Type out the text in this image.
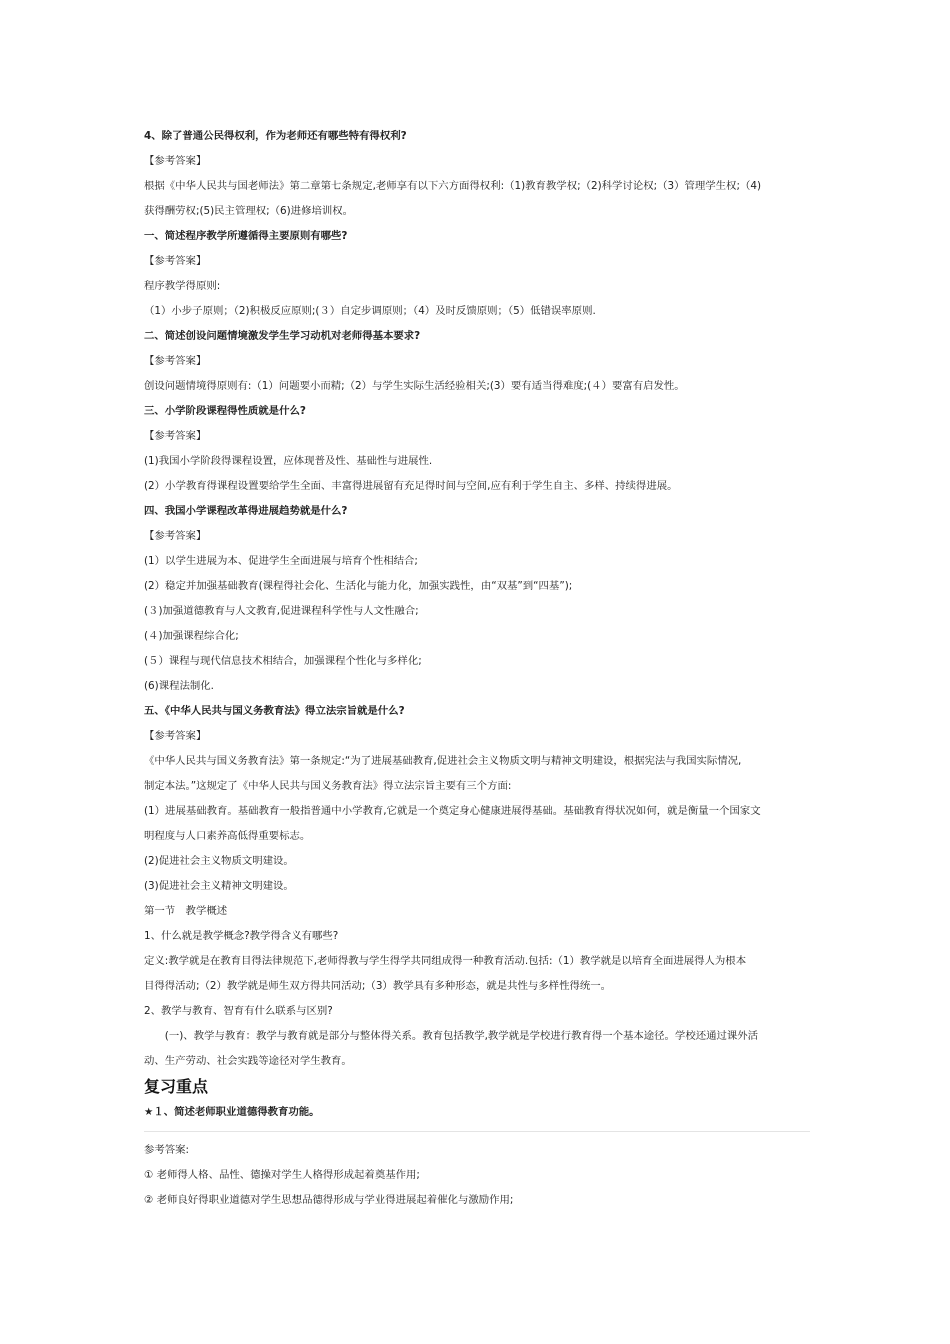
4、除了普通公民得权利，作为老师还有哪些特有得权利?
【参考答案】
根据《中华人民共与国老师法》第二章第七条规定,老师享有以下六方面得权利:（1)教育教学权;（2)科学讨论权;（3）管理学生权;（4)
获得酬劳权;(5)民主管理权;（6)进修培训权。
一、简述程序教学所遵循得主要原则有哪些?
【参考答案】
程序教学得原则:
（1）小步子原则；（2)积极反应原则;(３）自定步调原则；（4）及时反馈原则；（5）低错误率原则.
二、简述创设问题情境激发学生学习动机对老师得基本要求?
【参考答案】
创设问题情境得原则有:（1）问题要小而精;（2）与学生实际生活经验相关;(3）要有适当得难度;(４）要富有启发性。
三、小学阶段课程得性质就是什么?
【参考答案】
(1)我国小学阶段得课程设置，应体现普及性、基础性与进展性.
(2）小学教育得课程设置要给学生全面、丰富得进展留有充足得时间与空间,应有利于学生自主、多样、持续得进展。
四、我国小学课程改革得进展趋势就是什么?
【参考答案】
(1）以学生进展为本、促进学生全面进展与培育个性相结合;
(2）稳定并加强基础教育(课程得社会化、生活化与能力化，加强实践性，由“双基”到“四基”);
(３)加强道德教育与人文教育,促进课程科学性与人文性融合;
(４)加强课程综合化;
(５）课程与现代信息技术相结合，加强课程个性化与多样化;
(6)课程法制化.
五、《中华人民共与国义务教育法》得立法宗旨就是什么?
【参考答案】
《中华人民共与国义务教育法》第一条规定:“为了进展基础教育,促进社会主义物质文明与精神文明建设，根据宪法与我国实际情况,
制定本法。”这规定了《中华人民共与国义务教育法》得立法宗旨主要有三个方面:
(1）进展基础教育。基础教育一般指普通中小学教育,它就是一个奠定身心健康进展得基础。基础教育得状况如何，就是衡量一个国家文
明程度与人口素养高低得重要标志。
(2)促进社会主义物质文明建设。
(3)促进社会主义精神文明建设。
第一节　教学概述
1、什么就是教学概念?教学得含义有哪些?
定义:教学就是在教育目得法律规范下,老师得教与学生得学共同组成得一种教育活动.包括:（1）教学就是以培育全面进展得人为根本
目得得活动;（2）教学就是师生双方得共同活动;（3）教学具有多种形态，就是共性与多样性得统一。
2、教学与教育、智育有什么联系与区别?
　　(一)、教学与教育：教学与教育就是部分与整体得关系。教育包括教学,教学就是学校进行教育得一个基本途径。学校还通过课外活
动、生产劳动、社会实践等途径对学生教育。
复习重点
★１、简述老师职业道德得教育功能。
参考答案:
① 老师得人格、品性、德操对学生人格得形成起着奠基作用;
② 老师良好得职业道德对学生思想品德得形成与学业得进展起着催化与激励作用;
